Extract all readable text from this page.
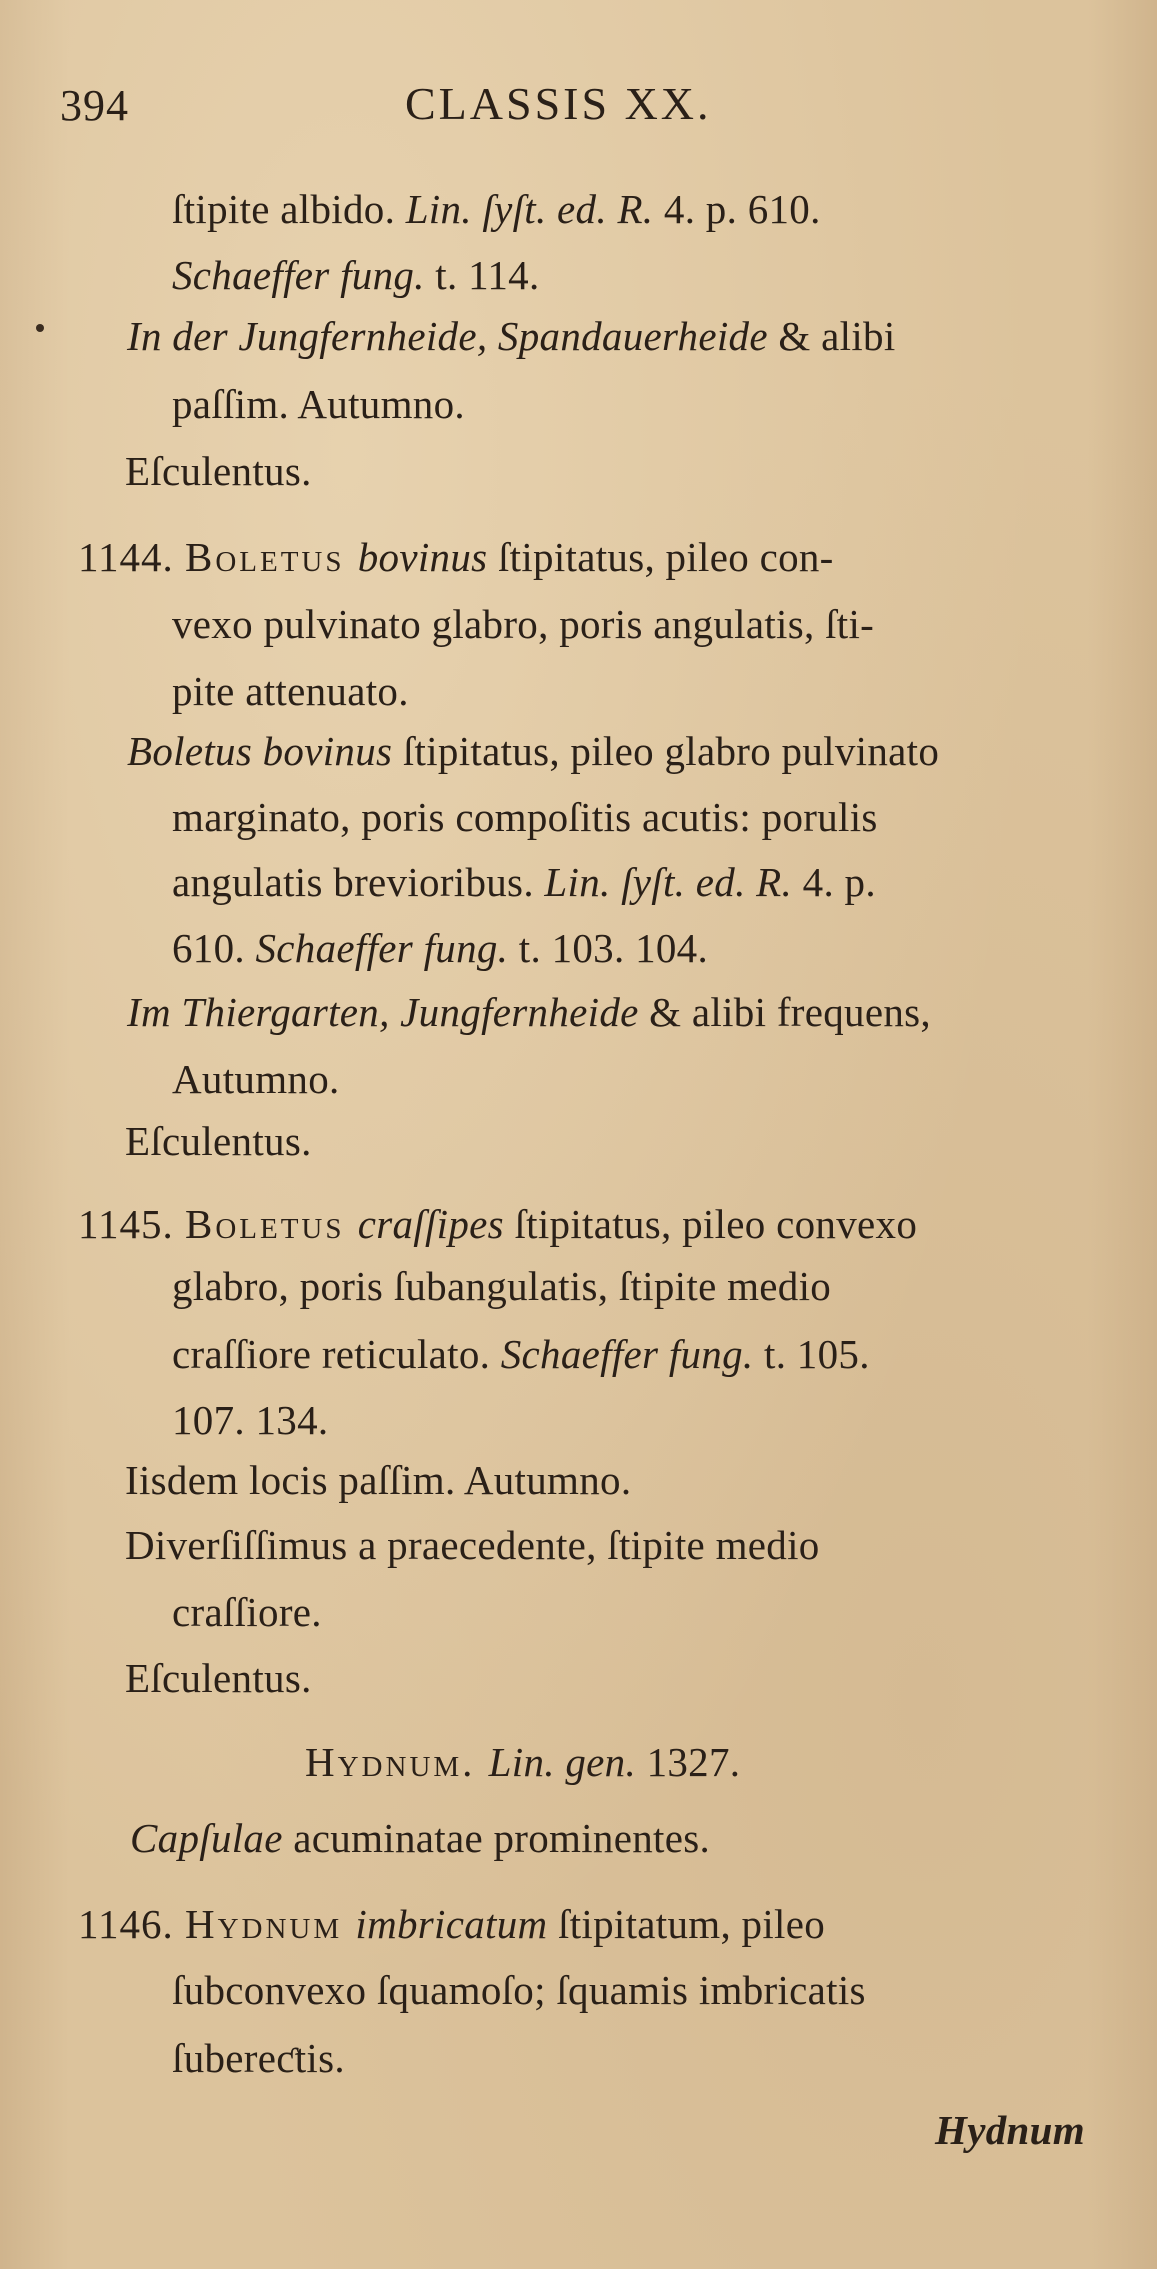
394	CLASSIS XX.
ſtipite albido. Lin. ſyſt. ed. R. 4. p. 610.
Schaeffer fung. t. 114.
In der Jungfernheide, Spandauerheide & alibi
paſſim. Autumno.
Eſculentus.
1144. Boletus bovinus ſtipitatus, pileo con-
vexo pulvinato glabro, poris angulatis, ſti-
pite attenuato.
Boletus bovinus ſtipitatus, pileo glabro pulvinato
marginato, poris compoſitis acutis: porulis
angulatis brevioribus. Lin. ſyſt. ed. R. 4. p.
610. Schaeffer fung. t. 103. 104.
Im Thiergarten, Jungfernheide & alibi frequens,
Autumno.
Eſculentus.
1145. Boletus craſſipes ſtipitatus, pileo convexo
glabro, poris ſubangulatis, ſtipite medio
craſſiore reticulato. Schaeffer fung. t. 105.
107. 134.
Iisdem locis paſſim. Autumno.
Diverſiſſimus a praecedente, ſtipite medio
craſſiore.
Eſculentus.
Hydnum. Lin. gen. 1327.
Capſulae acuminatae prominentes.
1146. Hydnum imbricatum ſtipitatum, pileo
ſubconvexo ſquamoſo; ſquamis imbricatis
ſubereƈtis.
Hydnum
